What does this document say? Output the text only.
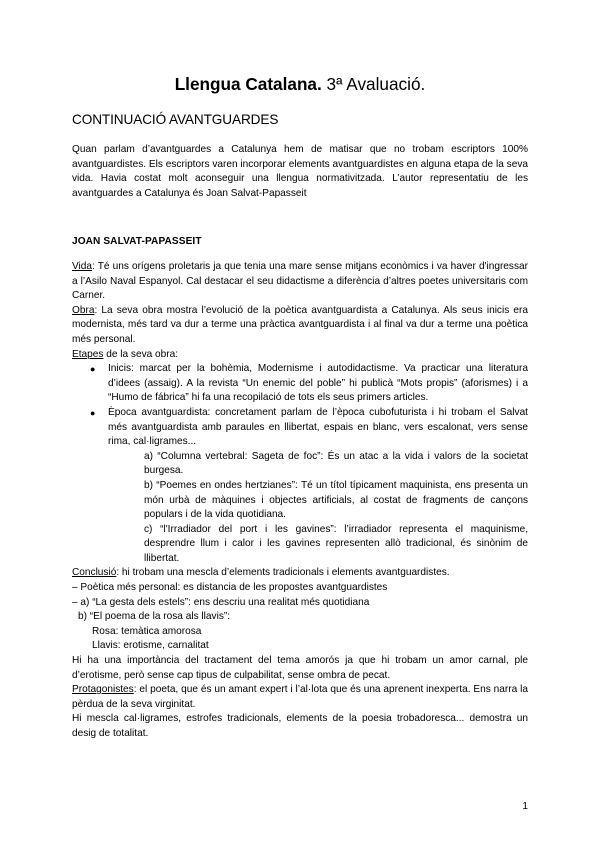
Llengua Catalana. 3ª Avaluació.
CONTINUACIÓ AVANTGUARDES

Quan parlam d’avantguardes a Catalunya hem de matisar que no trobam escriptors 100% avantguardistes. Els escriptors varen incorporar elements avantguardistes en alguna etapa de la seva vida. Havia costat molt aconseguir una llengua normativitzada. L’autor representatiu de les avantguardes a Catalunya és Joan Salvat-Papasseit

JOAN SALVAT-PAPASSEIT

Vida: Té uns orígens proletaris ja que tenia una mare sense mitjans econòmics i va haver d'ingressar a l’Asilo Naval Espanyol. Cal destacar el seu didactisme a diferència d’altres poetes universitaris com Carner.

Obra: La seva obra mostra l’evolució de la poètica avantguardista a Catalunya. Als seus inicis era modernista, més tard va dur a terme una pràctica avantguardista i al final va dur a terme una poètica més personal.

Etapes de la seva obra:

● Inicis: marcat per la bohèmia, Modernisme i autodidactisme. Va practicar una literatura d’idees (assaig). A la revista “Un enemic del poble” hi publicà “Mots propis” (aforismes) i a “Humo de fábrica” hi fa una recopilació de tots els seus primers articles.
● Època avantguardista: concretament parlam de l’època cubofuturista i hi trobam el Salvat més avantguardista amb paraules en llibertat, espais en blanc, vers escalonat, vers sense rima, cal·ligrames...

a) “Columna vertebral: Sageta de foc”: És un atac a la vida i valors de la societat burgesa.

b) “Poemes en ondes hertzianes”: Té un títol típicament maquinista, ens presenta un món urbà de màquines i objectes artificials, al costat de fragments de cançons populars i de la vida quotidiana.

c) “l'Irradiador del port i les gavines”: l’irradiador representa el maquinisme, desprendre llum i calor i les gavines representen allò tradicional, és sinònim de llibertat.

Conclusió: hi trobam una mescla d’elements tradicionals i elements avantguardistes.

– Poètica més personal: es distancia de les propostes avantguardistes

– a) “La gesta dels estels”: ens descriu una realitat més quotidiana

b) “El poema de la rosa als llavis”:

Rosa: temàtica amorosa

Llavis: erotisme, carnalitat

Hi ha una importància del tractament del tema amorós ja que hi trobam un amor carnal, ple d’erotisme, però sense cap tipus de culpabilitat, sense ombra de pecat.

Protagonistes: el poeta, que és un amant expert i l’al·lota que és una aprenent inexperta. Ens narra la pèrdua de la seva virginitat.

Hi mescla cal·ligrames, estrofes tradicionals, elements de la poesia trobadoresca... demostra un desig de totalitat.

1
